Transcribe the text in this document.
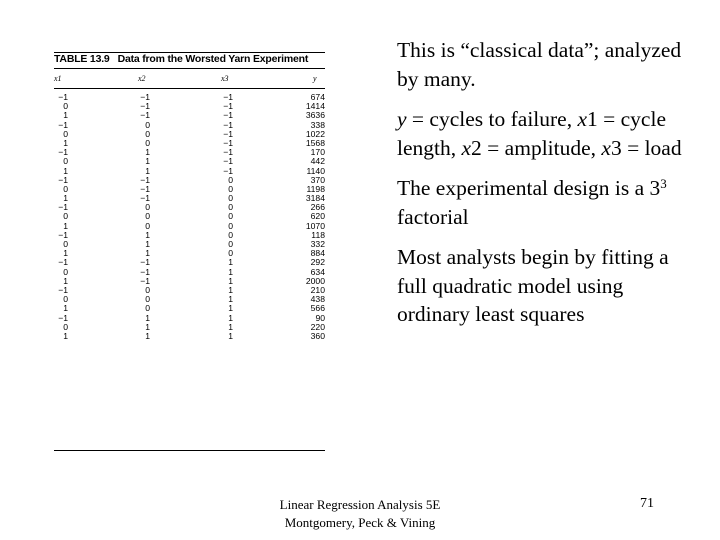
TABLE 13.9 Data from the Worsted Yarn Experiment
x1	x2	x3	y
−1	−1	−1	674
0	−1	−1	1414
1	−1	−1	3636
−1	0	−1	338
0	0	−1	1022
1	0	−1	1568
−1	1	−1	170
0	1	−1	442
1	1	−1	1140
−1	−1	0	370
0	−1	0	1198
1	−1	0	3184
−1	0	0	266
0	0	0	620
1	0	0	1070
−1	1	0	118
0	1	0	332
1	1	0	884
−1	−1	1	292
0	−1	1	634
1	−1	1	2000
−1	0	1	210
0	0	1	438
1	0	1	566
−1	1	1	90
0	1	1	220
1	1	1	360
This is “classical data”; analyzed by many.
y = cycles to failure, x1 = cycle length, x2 = amplitude, x3 = load
The experimental design is a $3^3$ factorial
Most analysts begin by fitting a full quadratic model using ordinary least squares
Linear Regression Analysis 5E
Montgomery, Peck & Vining
71
